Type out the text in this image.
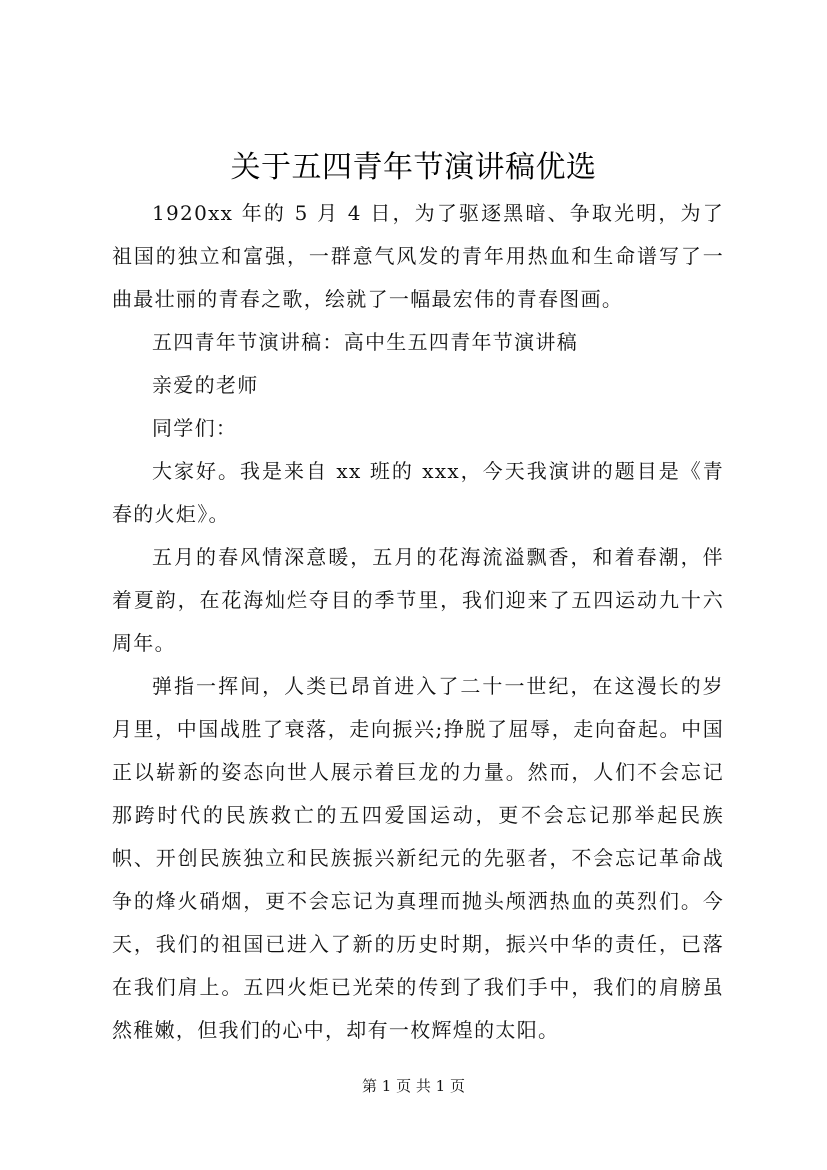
关于五四青年节演讲稿优选

1920xx 年的 5 月 4 日，为了驱逐黑暗、争取光明，为了祖国的独立和富强，一群意气风发的青年用热血和生命谱写了一曲最壮丽的青春之歌，绘就了一幅最宏伟的青春图画。

五四青年节演讲稿：高中生五四青年节演讲稿

亲爱的老师

同学们：

大家好。我是来自 xx 班的 xxx，今天我演讲的题目是《青春的火炬》。

五月的春风情深意暖，五月的花海流溢飘香，和着春潮，伴着夏韵，在花海灿烂夺目的季节里，我们迎来了五四运动九十六周年。

弹指一挥间，人类已昂首进入了二十一世纪，在这漫长的岁月里，中国战胜了衰落，走向振兴;挣脱了屈辱，走向奋起。中国正以崭新的姿态向世人展示着巨龙的力量。然而，人们不会忘记那跨时代的民族救亡的五四爱国运动，更不会忘记那举起民族帜、开创民族独立和民族振兴新纪元的先驱者，不会忘记革命战争的烽火硝烟，更不会忘记为真理而抛头颅洒热血的英烈们。今天，我们的祖国已进入了新的历史时期，振兴中华的责任，已落在我们肩上。五四火炬已光荣的传到了我们手中，我们的肩膀虽然稚嫩，但我们的心中，却有一枚辉煌的太阳。

第 1 页 共 1 页
